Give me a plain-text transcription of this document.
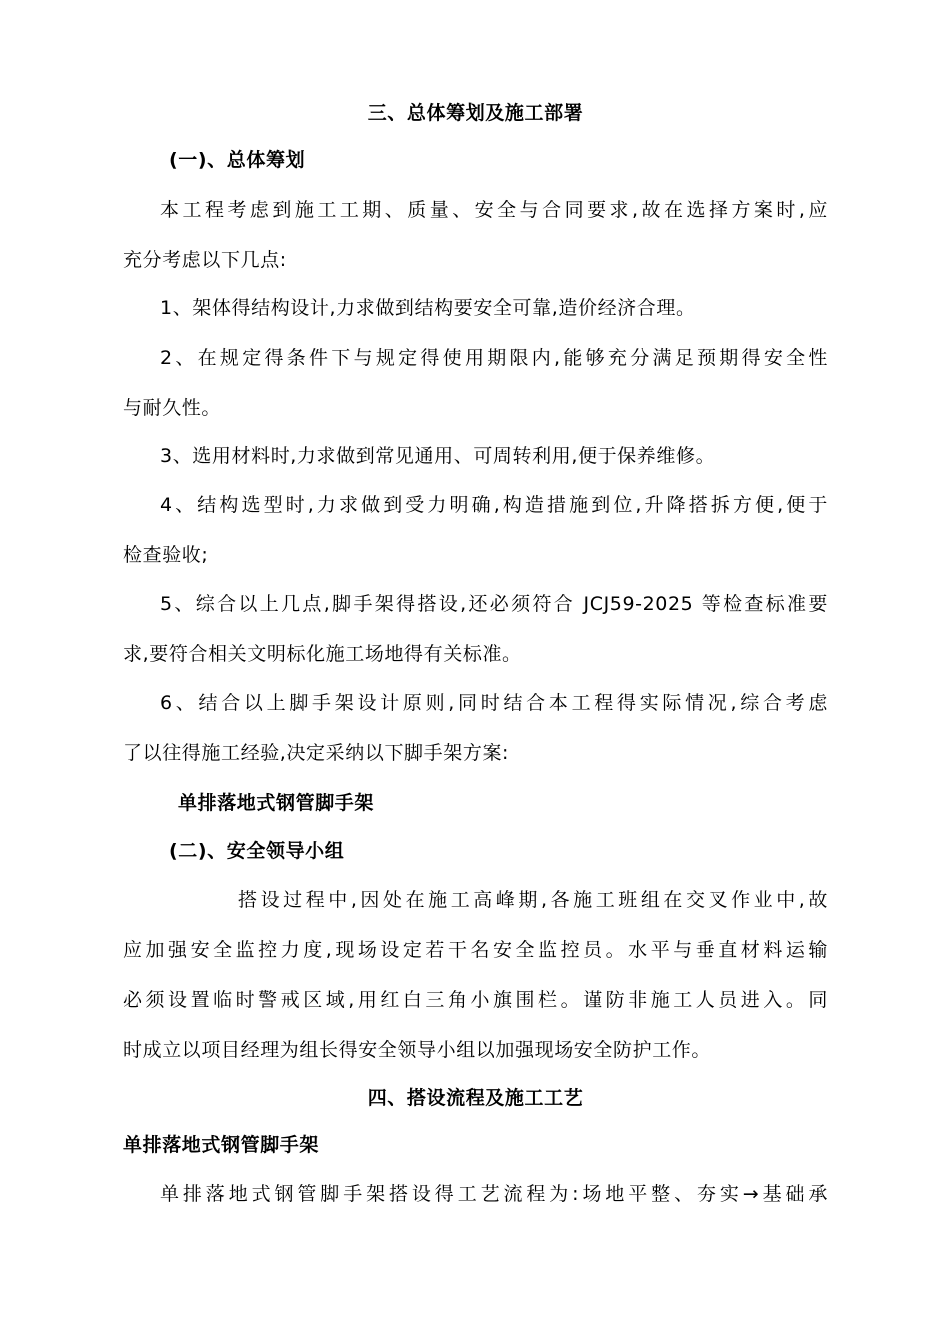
三、总体筹划及施工部署
(一)、总体筹划
本工程考虑到施工工期、质量、安全与合同要求,故在选择方案时,应
充分考虑以下几点:
1、架体得结构设计,力求做到结构要安全可靠,造价经济合理。
2、在规定得条件下与规定得使用期限内,能够充分满足预期得安全性
与耐久性。
3、选用材料时,力求做到常见通用、可周转利用,便于保养维修。
4、结构选型时,力求做到受力明确,构造措施到位,升降搭拆方便,便于
检查验收;
5、综合以上几点,脚手架得搭设,还必须符合 JCJ59-2025 等检查标准要
求,要符合相关文明标化施工场地得有关标准。
6、结合以上脚手架设计原则,同时结合本工程得实际情况,综合考虑
了以往得施工经验,决定采纳以下脚手架方案:
单排落地式钢管脚手架
(二)、安全领导小组
搭设过程中,因处在施工高峰期,各施工班组在交叉作业中,故
应加强安全监控力度,现场设定若干名安全监控员。水平与垂直材料运输
必须设置临时警戒区域,用红白三角小旗围栏。谨防非施工人员进入。同
时成立以项目经理为组长得安全领导小组以加强现场安全防护工作。
四、搭设流程及施工工艺
单排落地式钢管脚手架
单排落地式钢管脚手架搭设得工艺流程为:场地平整、夯实→基础承
